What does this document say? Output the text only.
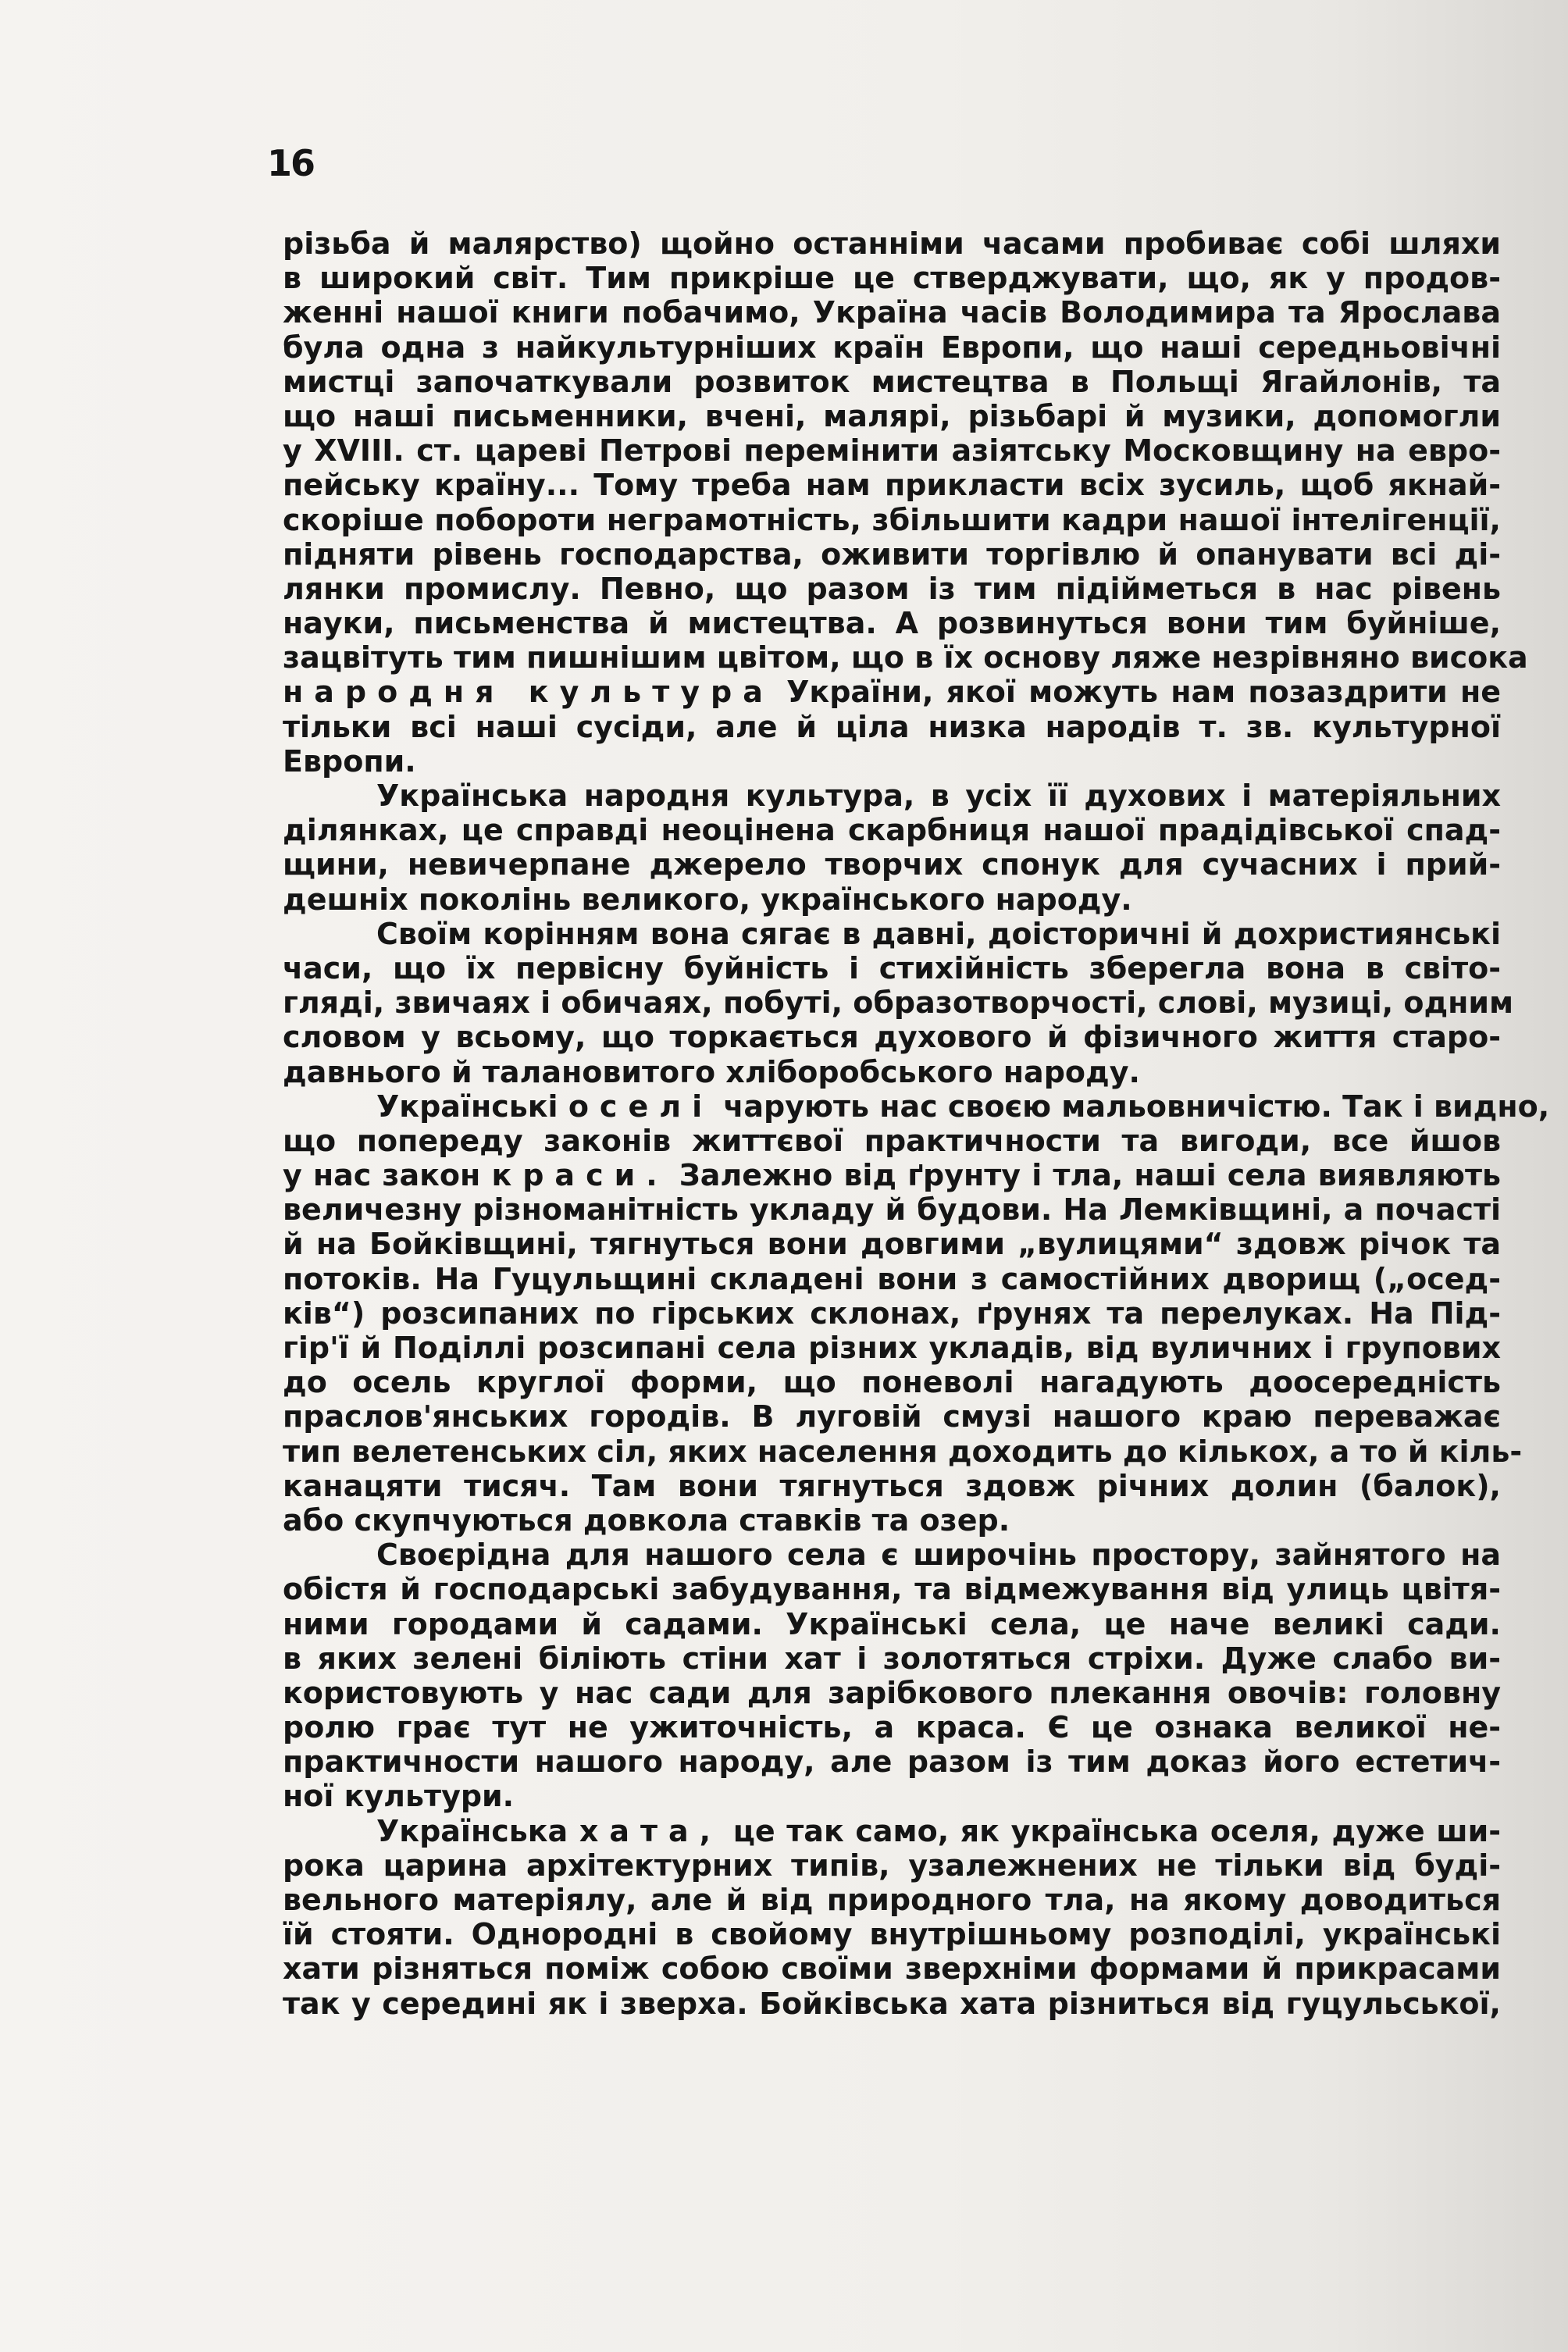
16
різьба й малярство) щойно останніми часами пробиває собі шляхи
в широкий світ. Тим прикріше це стверджувати, що, як у продов-
женні нашої книги побачимо, Україна часів Володимира та Ярослава
була одна з найкультурніших країн Европи, що наші середньовічні
мистці започаткували розвиток мистецтва в Польщі Ягайлонів, та
що наші письменники, вчені, малярі, різьбарі й музики, допомогли
у XVIII. ст. цареві Петрові перемінити азіятську Московщину на евро-
пейську країну... Тому треба нам прикласти всіх зусиль, щоб якнай-
скоріше побороти неграмотність, збільшити кадри нашої інтелігенції,
підняти рівень господарства, оживити торгівлю й опанувати всі ді-
лянки промислу. Певно, що разом із тим підійметься в нас рівень
науки, письменства й мистецтва. А розвинуться вони тим буйніше,
зацвітуть тим пишнішим цвітом, що в їх основу ляже незрівняно висока
народня культура України, якої можуть нам позаздрити не
тільки всі наші сусіди, але й ціла низка народів т. зв. культурної
Европи.
Українська народня культура, в усіх її духових і матеріяльних
ділянках, це справді неоцінена скарбниця нашої прадідівської спад-
щини, невичерпане джерело творчих спонук для сучасних і прий-
дешніх поколінь великого, українського народу.
Своїм корінням вона сягає в давні, доісторичні й дохристиянські
часи, що їх первісну буйність і стихійність зберегла вона в світо-
гляді, звичаях і обичаях, побуті, образотворчості, слові, музиці, одним
словом у всьому, що торкається духового й фізичного життя старо-
давнього й талановитого хліборобського народу.
Українські оселі чарують нас своєю мальовничістю. Так і видно,
що попереду законів життєвої практичности та вигоди, все йшов
у нас закон краси. Залежно від ґрунту і тла, наші села виявляють
величезну різноманітність укладу й будови. На Лемківщині, а почасті
й на Бойківщині, тягнуться вони довгими „вулицями“ здовж річок та
потоків. На Гуцульщині складені вони з самостійних дворищ („осед-
ків“) розсипаних по гірських склонах, ґрунях та перелуках. На Під-
гір'ї й Поділлі розсипані села різних укладів, від вуличних і групових
до осель круглої форми, що поневолі нагадують доосередність
праслов'янських городів. В луговій смузі нашого краю переважає
тип велетенських сіл, яких населення доходить до кількох, а то й кіль-
канацяти тисяч. Там вони тягнуться здовж річних долин (балок),
або скупчуються довкола ставків та озер.
Своєрідна для нашого села є широчінь простору, зайнятого на
обістя й господарські забудування, та відмежування від улиць цвітя-
ними городами й садами. Українські села, це наче великі сади.
в яких зелені біліють стіни хат і золотяться стріхи. Дуже слабо ви-
користовують у нас сади для зарібкового плекання овочів: головну
ролю грає тут не ужиточність, а краса. Є це ознака великої не-
практичности нашого народу, але разом із тим доказ його естетич-
ної культури.
Українська хата, це так само, як українська оселя, дуже ши-
рока царина архітектурних типів, узалежнених не тільки від буді-
вельного матеріялу, але й від природного тла, на якому доводиться
їй стояти. Однородні в свойому внутрішньому розподілі, українські
хати різняться поміж собою своїми зверхніми формами й прикрасами
так у середині як і зверха. Бойківська хата різниться від гуцульської,
